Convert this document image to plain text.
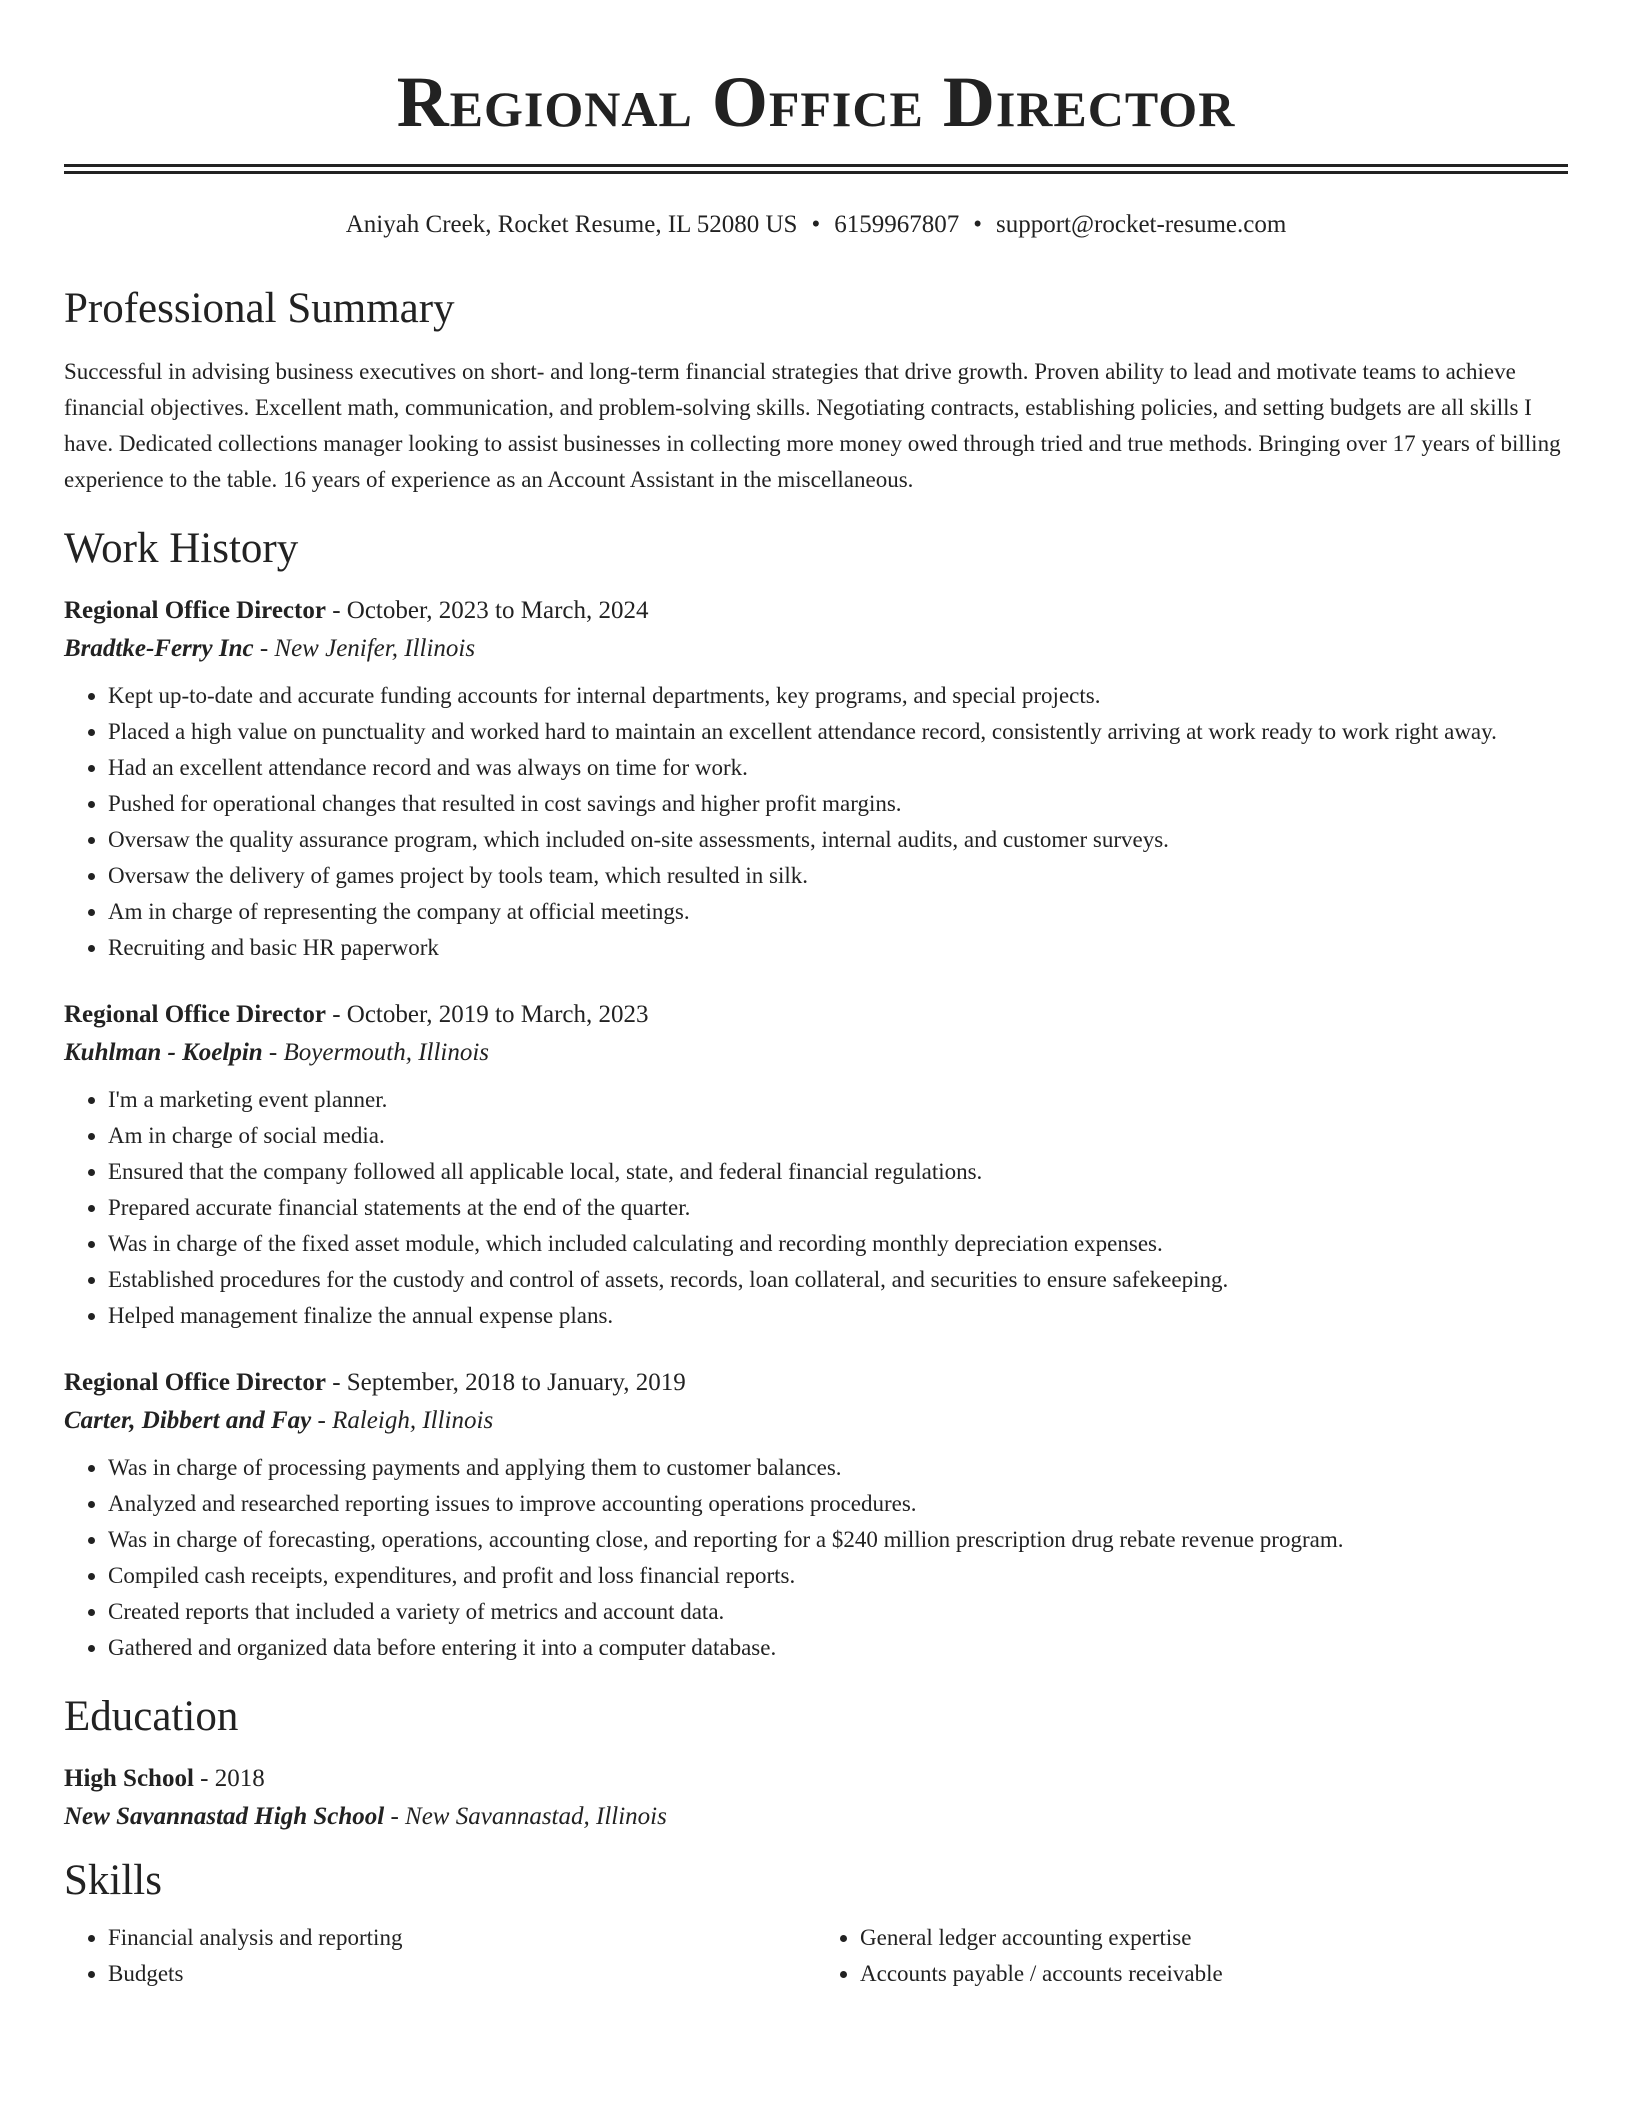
Regional Office Director
Aniyah Creek, Rocket Resume, IL 52080 US • 6159967807 • support@rocket-resume.com
Professional Summary
Successful in advising business executives on short- and long-term financial strategies that drive growth. Proven ability to lead and motivate teams to achieve financial objectives. Excellent math, communication, and problem-solving skills. Negotiating contracts, establishing policies, and setting budgets are all skills I have. Dedicated collections manager looking to assist businesses in collecting more money owed through tried and true methods. Bringing over 17 years of billing experience to the table. 16 years of experience as an Account Assistant in the miscellaneous.
Work History
Regional Office Director - October, 2023 to March, 2024
Bradtke-Ferry Inc - New Jenifer, Illinois
• Kept up-to-date and accurate funding accounts for internal departments, key programs, and special projects.
• Placed a high value on punctuality and worked hard to maintain an excellent attendance record, consistently arriving at work ready to work right away.
• Had an excellent attendance record and was always on time for work.
• Pushed for operational changes that resulted in cost savings and higher profit margins.
• Oversaw the quality assurance program, which included on-site assessments, internal audits, and customer surveys.
• Oversaw the delivery of games project by tools team, which resulted in silk.
• Am in charge of representing the company at official meetings.
• Recruiting and basic HR paperwork
Regional Office Director - October, 2019 to March, 2023
Kuhlman - Koelpin - Boyermouth, Illinois
• I'm a marketing event planner.
• Am in charge of social media.
• Ensured that the company followed all applicable local, state, and federal financial regulations.
• Prepared accurate financial statements at the end of the quarter.
• Was in charge of the fixed asset module, which included calculating and recording monthly depreciation expenses.
• Established procedures for the custody and control of assets, records, loan collateral, and securities to ensure safekeeping.
• Helped management finalize the annual expense plans.
Regional Office Director - September, 2018 to January, 2019
Carter, Dibbert and Fay - Raleigh, Illinois
• Was in charge of processing payments and applying them to customer balances.
• Analyzed and researched reporting issues to improve accounting operations procedures.
• Was in charge of forecasting, operations, accounting close, and reporting for a $240 million prescription drug rebate revenue program.
• Compiled cash receipts, expenditures, and profit and loss financial reports.
• Created reports that included a variety of metrics and account data.
• Gathered and organized data before entering it into a computer database.
Education
High School - 2018
New Savannastad High School - New Savannastad, Illinois
Skills
• Financial analysis and reporting
• Budgets
• General ledger accounting expertise
• Accounts payable / accounts receivable
